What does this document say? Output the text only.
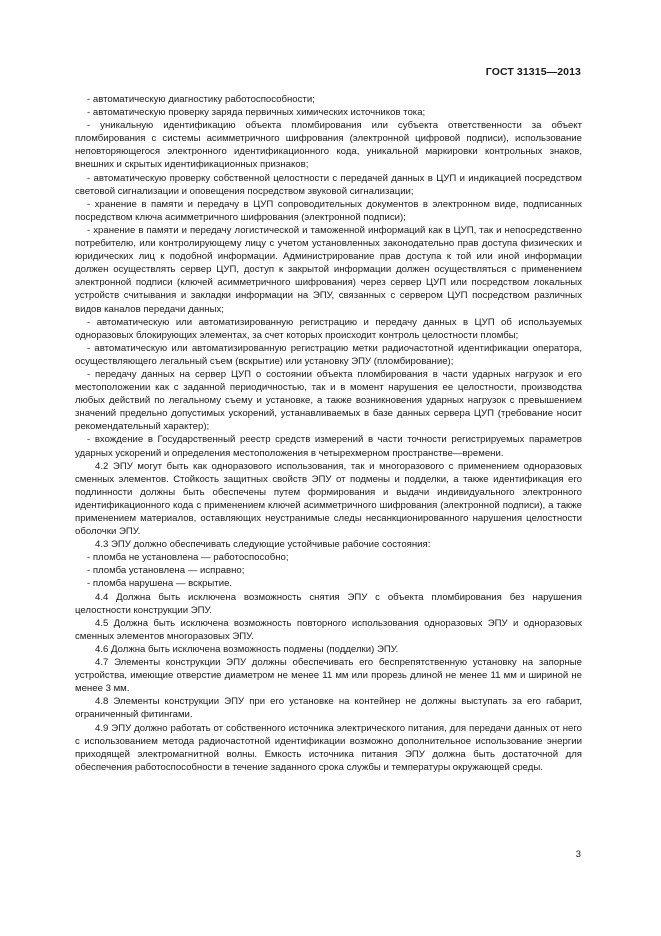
ГОСТ 31315—2013

- автоматическую диагностику работоспособности;

- автоматическую проверку заряда первичных химических источников тока;

- уникальную идентификацию объекта пломбирования или субъекта ответственности за объект пломбирования с системы асимметричного шифрования (электронной цифровой подписи), использование неповторяющегося электронного идентификационного кода, уникальной маркировки контрольных знаков, внешних и скрытых идентификационных признаков;

- автоматическую проверку собственной целостности с передачей данных в ЦУП и индикацией посредством световой сигнализации и оповещения посредством звуковой сигнализации;

- хранение в памяти и передачу в ЦУП сопроводительных документов в электронном виде, подписанных посредством ключа асимметричного шифрования (электронной подписи);

- хранение в памяти и передачу логистической и таможенной информаций как в ЦУП, так и непосредственно потребителю, или контролирующему лицу с учетом установленных законодательно прав доступа физических и юридических лиц к подобной информации. Администрирование прав доступа к той или иной информации должен осуществлять сервер ЦУП, доступ к закрытой информации должен осуществляться с применением электронной подписи (ключей асимметричного шифрования) через сервер ЦУП или посредством локальных устройств считывания и закладки информации на ЭПУ, связанных с сервером ЦУП посредством различных видов каналов передачи данных;

- автоматическую или автоматизированную регистрацию и передачу данных в ЦУП об используемых одноразовых блокирующих элементах, за счет которых происходит контроль целостности пломбы;

- автоматическую или автоматизированную регистрацию метки радиочастотной идентификации оператора, осуществляющего легальный съем (вскрытие) или установку ЭПУ (пломбирование);

- передачу данных на сервер ЦУП о состоянии объекта пломбирования в части ударных нагрузок и его местоположении как с заданной периодичностью, так и в момент нарушения ее целостности, производства любых действий по легальному съему и установке, а также возникновения ударных нагрузок с превышением значений предельно допустимых ускорений, устанавливаемых в базе данных сервера ЦУП (требование носит рекомендательный характер);

- вхождение в Государственный реестр средств измерений в части точности регистрируемых параметров ударных ускорений и определения местоположения в четырехмерном пространстве—времени.

4.2 ЭПУ могут быть как одноразового использования, так и многоразового с применением одноразовых сменных элементов. Стойкость защитных свойств ЭПУ от подмены и подделки, а также идентификация его подлинности должны быть обеспечены путем формирования и выдачи индивидуального электронного идентификационного кода с применением ключей асимметричного шифрования (электронной подписи), а также применением материалов, оставляющих неустранимые следы несанкционированного нарушения целостности оболочки ЭПУ.

4.3 ЭПУ должно обеспечивать следующие устойчивые рабочие состояния:

- пломба не установлена — работоспособно;

- пломба установлена — исправно;

- пломба нарушена — вскрытие.

4.4 Должна быть исключена возможность снятия ЭПУ с объекта пломбирования без нарушения целостности конструкции ЭПУ.

4.5 Должна быть исключена возможность повторного использования одноразовых ЭПУ и одноразовых сменных элементов многоразовых ЭПУ.

4.6 Должна быть исключена возможность подмены (подделки) ЭПУ.

4.7 Элементы конструкции ЭПУ должны обеспечивать его беспрепятственную установку на запорные устройства, имеющие отверстие диаметром не менее 11 мм или прорезь длиной не менее 11 мм и шириной не менее 3 мм.

4.8 Элементы конструкции ЭПУ при его установке на контейнер не должны выступать за его габарит, ограниченный фитингами.

4.9 ЭПУ должно работать от собственного источника электрического питания, для передачи данных от него с использованием метода радиочастотной идентификации возможно дополнительное использование энергии приходящей электромагнитной волны. Емкость источника питания ЭПУ должна быть достаточной для обеспечения работоспособности в течение заданного срока службы и температуры окружающей среды.

3
